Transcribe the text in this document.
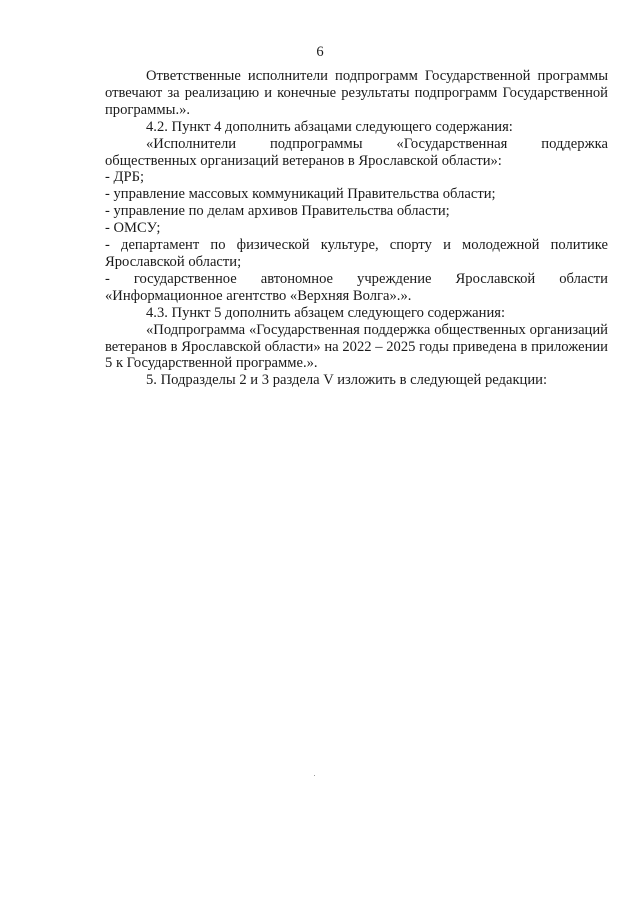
6

Ответственные исполнители подпрограмм Государственной программы отвечают за реализацию и конечные результаты подпрограмм Государственной программы.».

4.2. Пункт 4 дополнить абзацами следующего содержания:

«Исполнители подпрограммы «Государственная поддержка общественных организаций ветеранов в Ярославской области»:

- ДРБ;

- управление массовых коммуникаций Правительства области;

- управление по делам архивов Правительства области;

- ОМСУ;

- департамент по физической культуре, спорту и молодежной политике Ярославской области;

- государственное автономное учреждение Ярославской области «Информационное агентство «Верхняя Волга».».

4.3. Пункт 5 дополнить абзацем следующего содержания:

«Подпрограмма «Государственная поддержка общественных организаций ветеранов в Ярославской области» на 2022 – 2025 годы приведена в приложении 5 к Государственной программе.».

5. Подразделы 2 и 3 раздела V изложить в следующей редакции:
